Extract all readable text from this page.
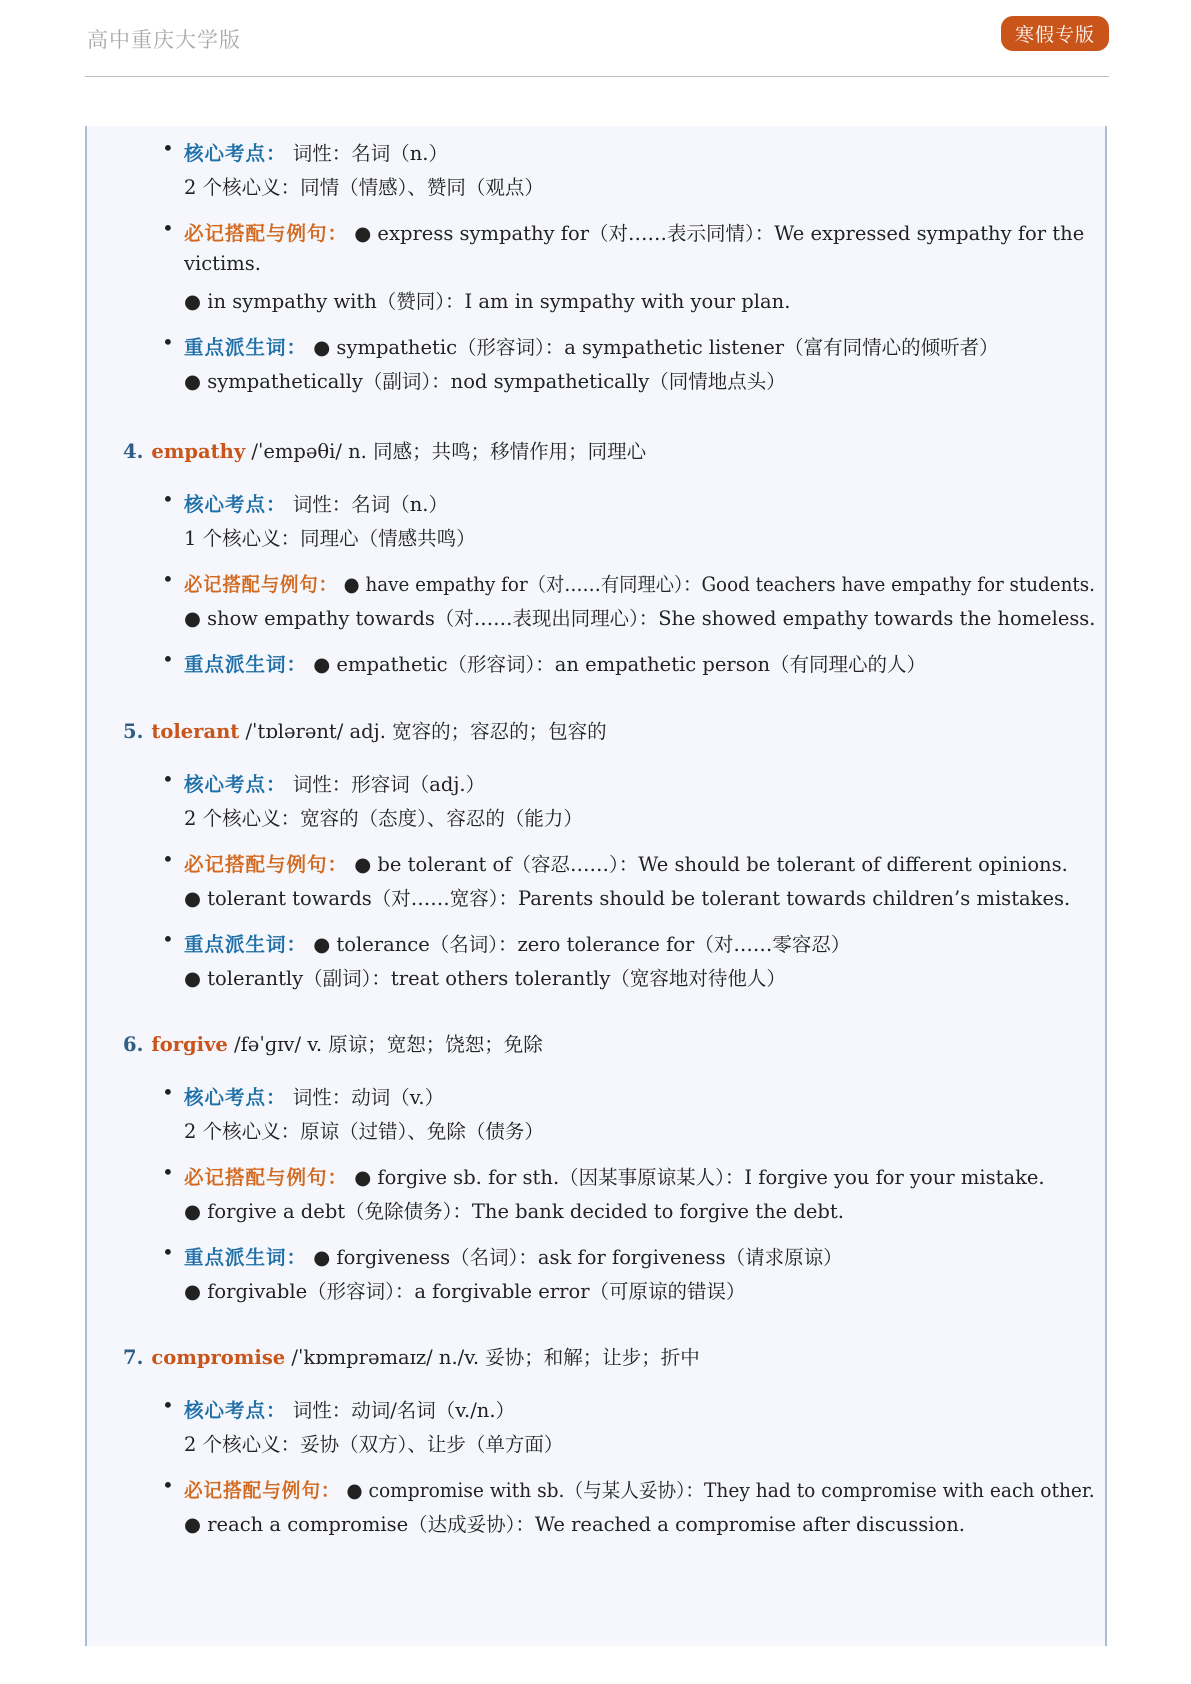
高中重庆大学版	寒假专版
• 核心考点： 词性：名词（n.）
2 个核心义：同情（情感）、赞同（观点）
• 必记搭配与例句： ● express sympathy for（对……表示同情）：We expressed sympathy for the
victims.
● in sympathy with（赞同）：I am in sympathy with your plan.
• 重点派生词： ● sympathetic（形容词）：a sympathetic listener（富有同情心的倾听者）
● sympathetically（副词）：nod sympathetically（同情地点头）
4. empathy /ˈempəθi/ n. 同感；共鸣；移情作用；同理心
• 核心考点： 词性：名词（n.）
1 个核心义：同理心（情感共鸣）
• 必记搭配与例句： ● have empathy for（对……有同理心）：Good teachers have empathy for students.
● show empathy towards（对……表现出同理心）：She showed empathy towards the homeless.
• 重点派生词： ● empathetic（形容词）：an empathetic person（有同理心的人）
5. tolerant /ˈtɒlərənt/ adj. 宽容的；容忍的；包容的
• 核心考点： 词性：形容词（adj.）
2 个核心义：宽容的（态度）、容忍的（能力）
• 必记搭配与例句： ● be tolerant of（容忍……）：We should be tolerant of different opinions.
● tolerant towards（对……宽容）：Parents should be tolerant towards children’s mistakes.
• 重点派生词： ● tolerance（名词）：zero tolerance for（对……零容忍）
● tolerantly（副词）：treat others tolerantly（宽容地对待他人）
6. forgive /fəˈɡɪv/ v. 原谅；宽恕；饶恕；免除
• 核心考点： 词性：动词（v.）
2 个核心义：原谅（过错）、免除（债务）
• 必记搭配与例句： ● forgive sb. for sth.（因某事原谅某人）：I forgive you for your mistake.
● forgive a debt（免除债务）：The bank decided to forgive the debt.
• 重点派生词： ● forgiveness（名词）：ask for forgiveness（请求原谅）
● forgivable（形容词）：a forgivable error（可原谅的错误）
7. compromise /ˈkɒmprəmaɪz/ n./v. 妥协；和解；让步；折中
• 核心考点： 词性：动词/名词（v./n.）
2 个核心义：妥协（双方）、让步（单方面）
• 必记搭配与例句： ● compromise with sb.（与某人妥协）：They had to compromise with each other.
● reach a compromise（达成妥协）：We reached a compromise after discussion.
